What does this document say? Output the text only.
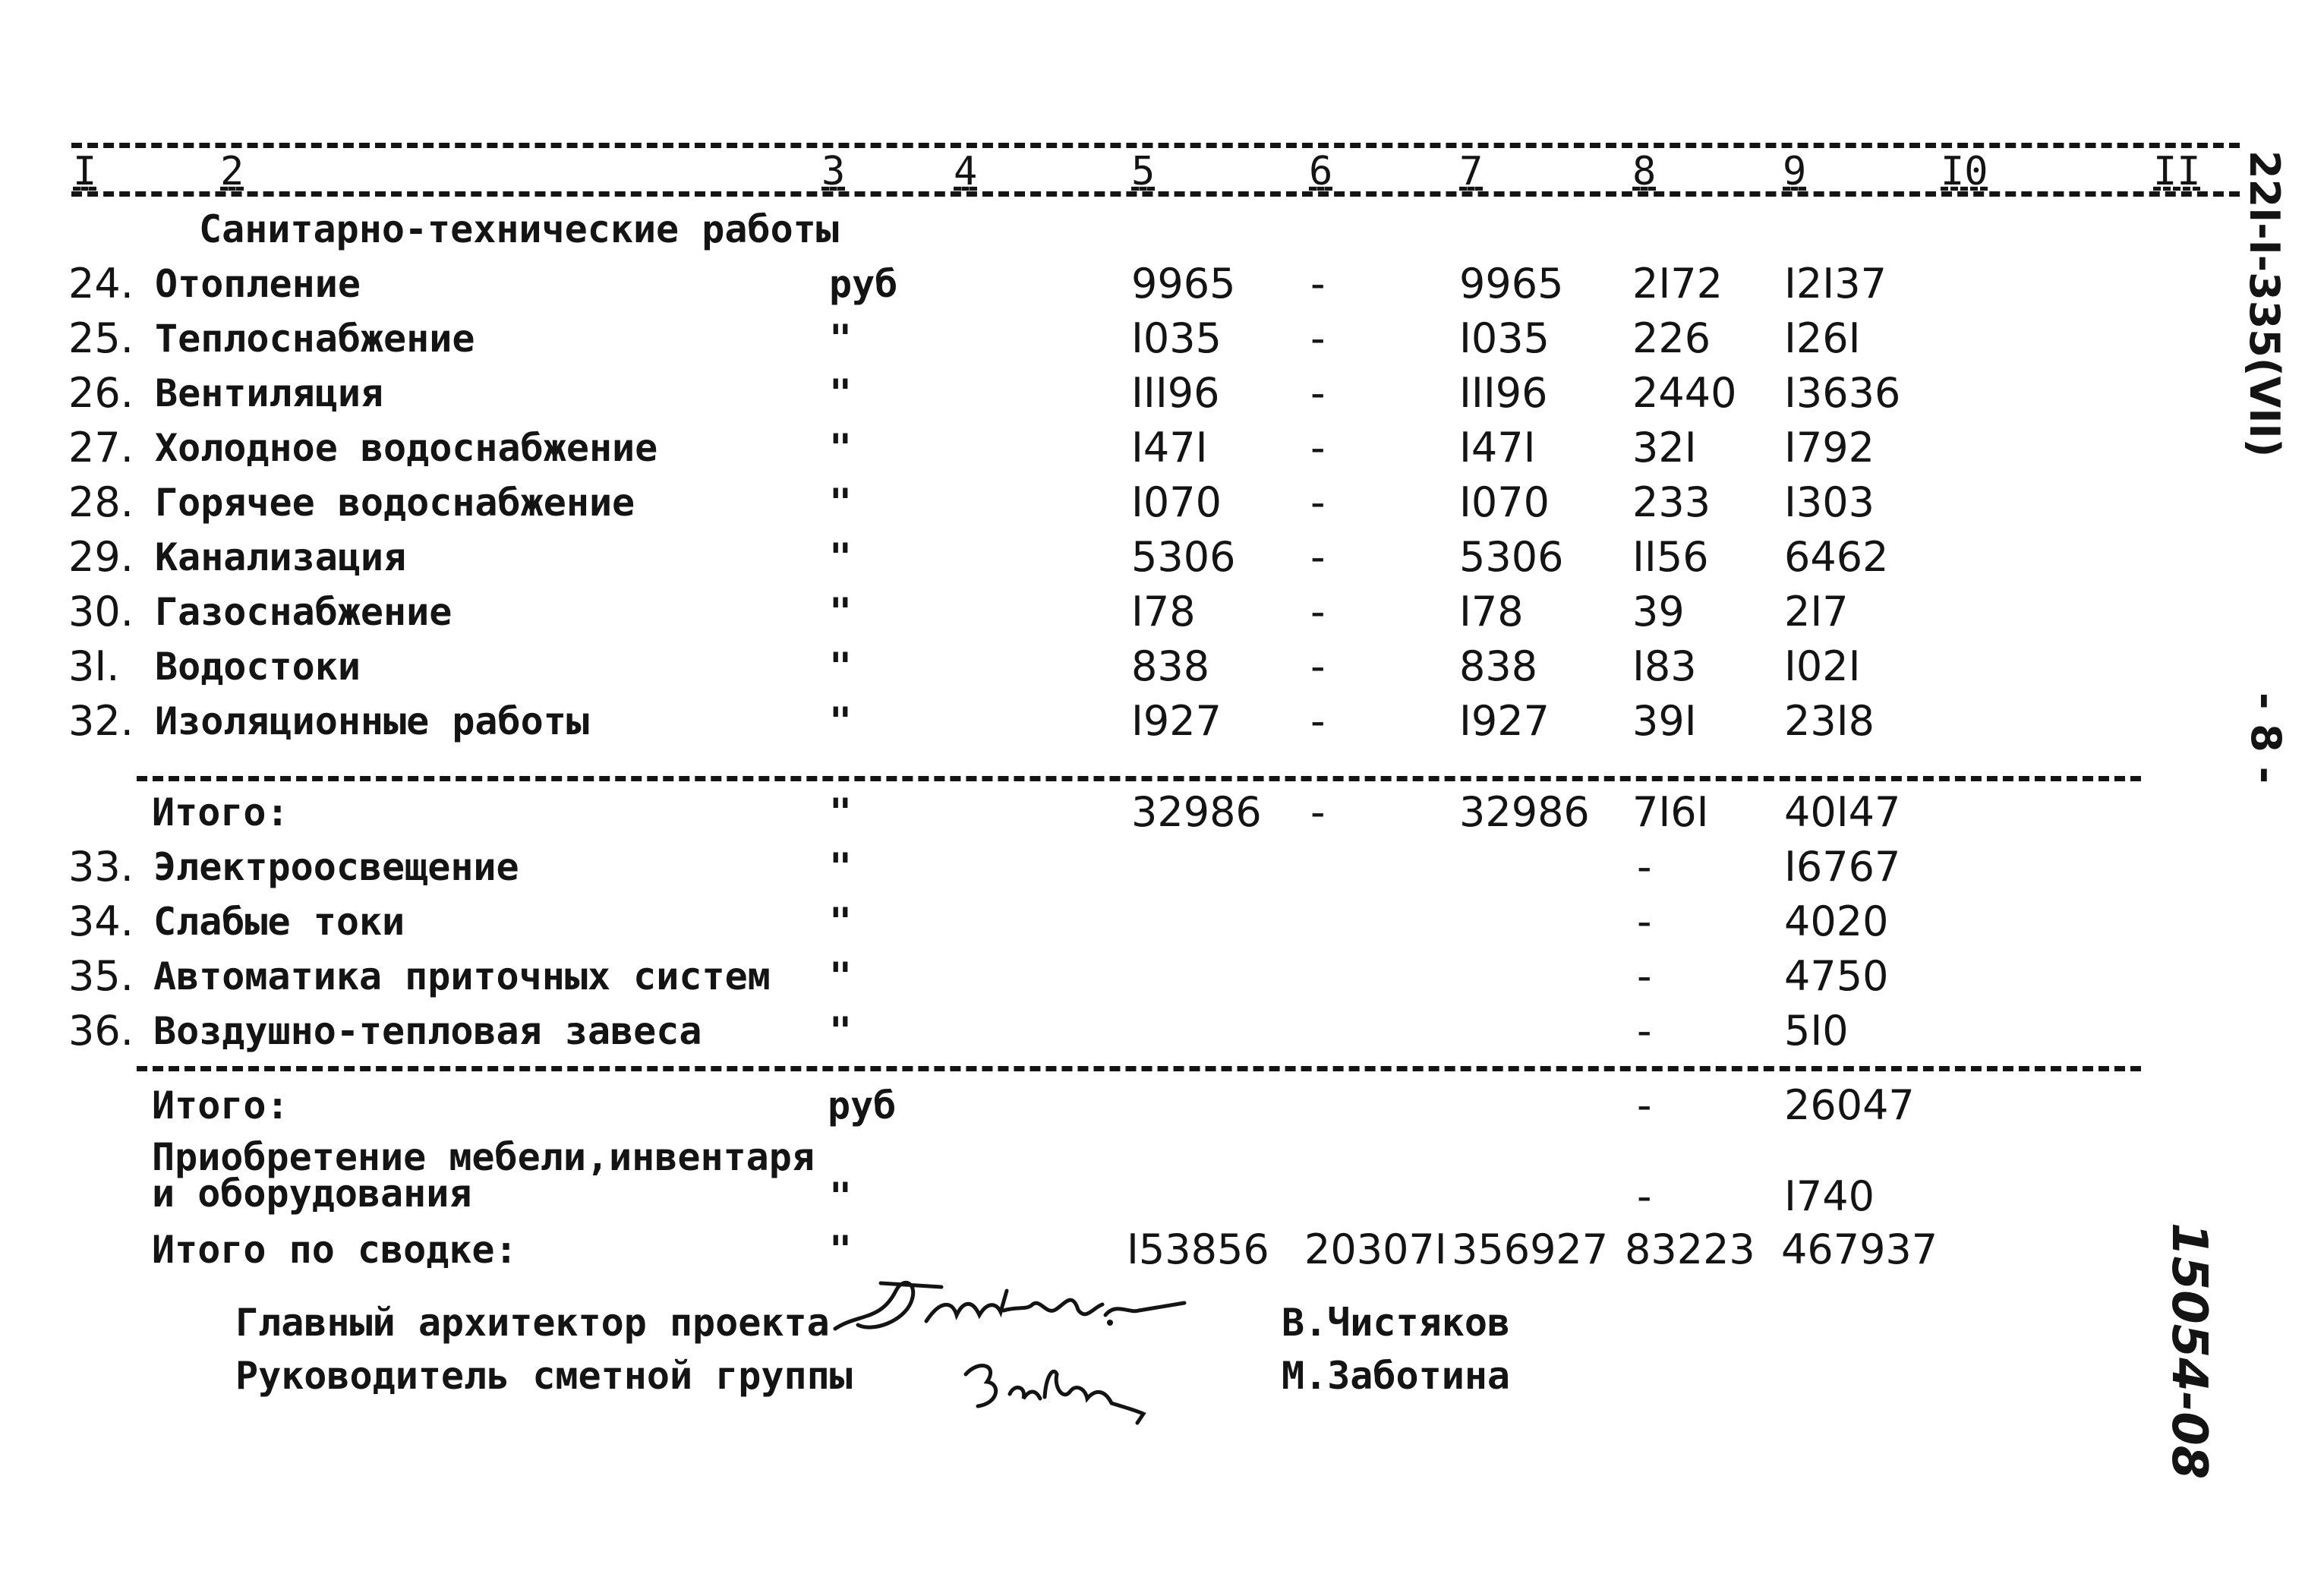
I	2	3	4	5	6	7	8	9	I0	II
Санитарно-технические работы
24. Отопление	руб	9965 -	9965 2I72 I2I37
25. Теплоснабжение	"	I035 -	I035 226 I26I
26. Вентиляция	"	III96 -	III96 2440 I3636
27. Холодное водоснабжение	"	I47I	-	I47I 32I I792
28. Горячее водоснабжение	"	I070 -	I070 233 I303
29. Канализация	"	5306 -	5306 II56 6462
30. Газоснабжение	"	I78	-	I78	39 2I7
3I. Водостоки	"	838 -	838 I83 I02I
32. Изоляционные работы	"	I927 -	I927 39I 23I8
Итого:	"	32986 -	32986 7I6I 40I47
33. Электроосвещение	"	-	I6767
34. Слабые токи	"	-	4020
35. Автоматика приточных систем "	-	4750
36. Воздушно-тепловая завеса	"	-	5I0
Итого:	руб	-	26047
Приобретение мебели,инвентаря
и оборудования	"	-	I740
Итого по сводке:	"	I53856 20307I 356927 83223 467937
Главный архитектор проекта	В.Чистяков
Руководитель сметной группы	М.Заботина
22I-I-335(VII)
- 8 -
15054-08
